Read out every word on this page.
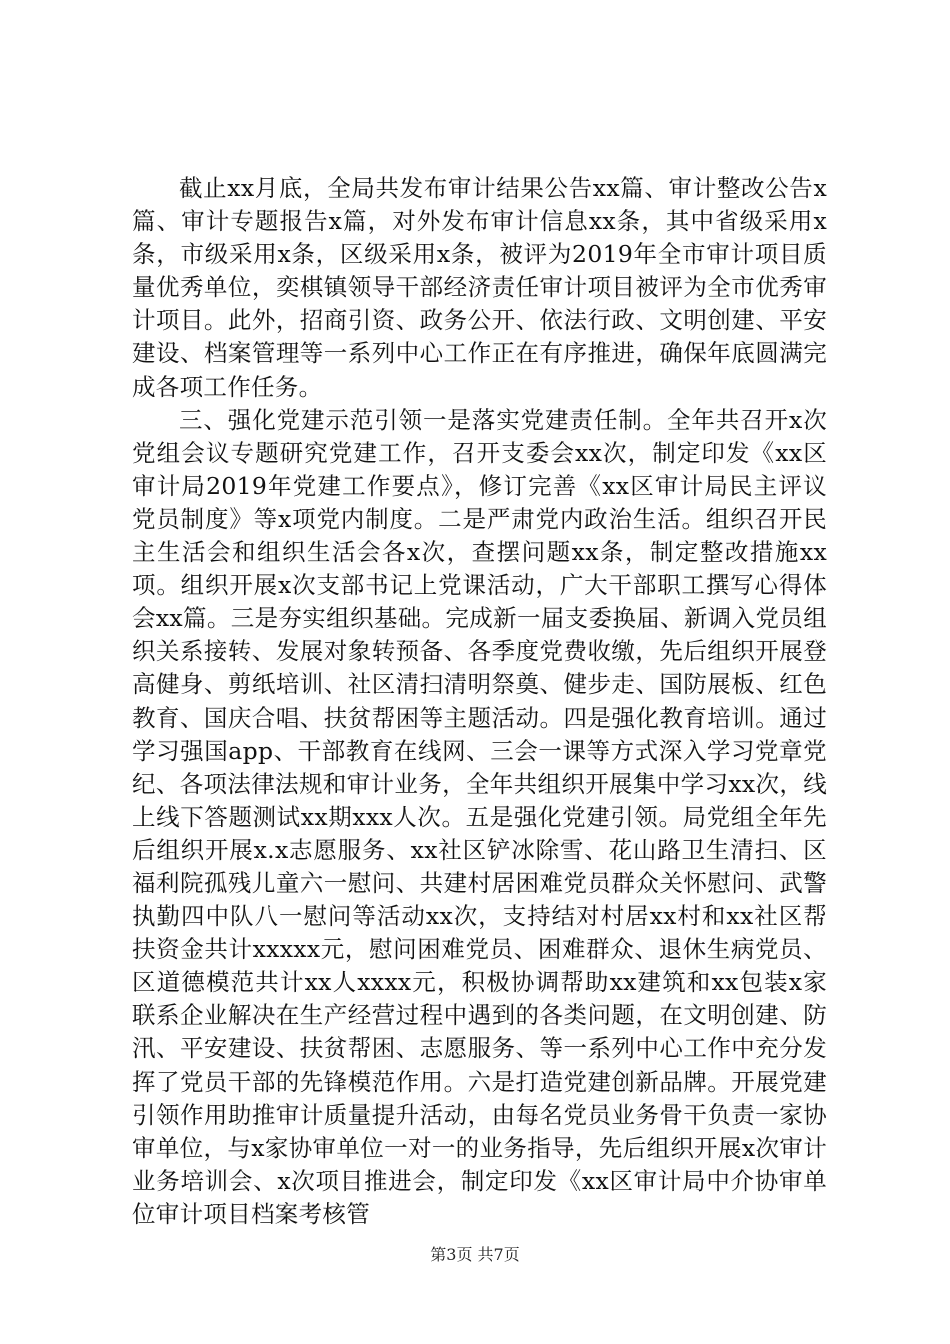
截止xx月底，全局共发布审计结果公告xx篇、审计整改公告x篇、审计专题报告x篇，对外发布审计信息xx条，其中省级采用x条，市级采用x条，区级采用x条，被评为2019年全市审计项目质量优秀单位，奕棋镇领导干部经济责任审计项目被评为全市优秀审计项目。此外，招商引资、政务公开、依法行政、文明创建、平安建设、档案管理等一系列中心工作正在有序推进，确保年底圆满完成各项工作任务。

三、强化党建示范引领一是落实党建责任制。全年共召开x次党组会议专题研究党建工作，召开支委会xx次，制定印发《xx区审计局2019年党建工作要点》，修订完善《xx区审计局民主评议党员制度》等x项党内制度。二是严肃党内政治生活。组织召开民主生活会和组织生活会各x次，查摆问题xx条，制定整改措施xx项。组织开展x次支部书记上党课活动，广大干部职工撰写心得体会xx篇。三是夯实组织基础。完成新一届支委换届、新调入党员组织关系接转、发展对象转预备、各季度党费收缴，先后组织开展登高健身、剪纸培训、社区清扫清明祭奠、健步走、国防展板、红色教育、国庆合唱、扶贫帮困等主题活动。四是强化教育培训。通过学习强国app、干部教育在线网、三会一课等方式深入学习党章党纪、各项法律法规和审计业务，全年共组织开展集中学习xx次，线上线下答题测试xx期xxx人次。五是强化党建引领。局党组全年先后组织开展x.x志愿服务、xx社区铲冰除雪、花山路卫生清扫、区福利院孤残儿童六一慰问、共建村居困难党员群众关怀慰问、武警执勤四中队八一慰问等活动xx次，支持结对村居xx村和xx社区帮扶资金共计xxxxx元，慰问困难党员、困难群众、退休生病党员、区道德模范共计xx人xxxx元，积极协调帮助xx建筑和xx包装x家联系企业解决在生产经营过程中遇到的各类问题，在文明创建、防汛、平安建设、扶贫帮困、志愿服务、等一系列中心工作中充分发挥了党员干部的先锋模范作用。六是打造党建创新品牌。开展党建引领作用助推审计质量提升活动，由每名党员业务骨干负责一家协审单位，与x家协审单位一对一的业务指导，先后组织开展x次审计业务培训会、x次项目推进会，制定印发《xx区审计局中介协审单位审计项目档案考核管

第3页 共7页
